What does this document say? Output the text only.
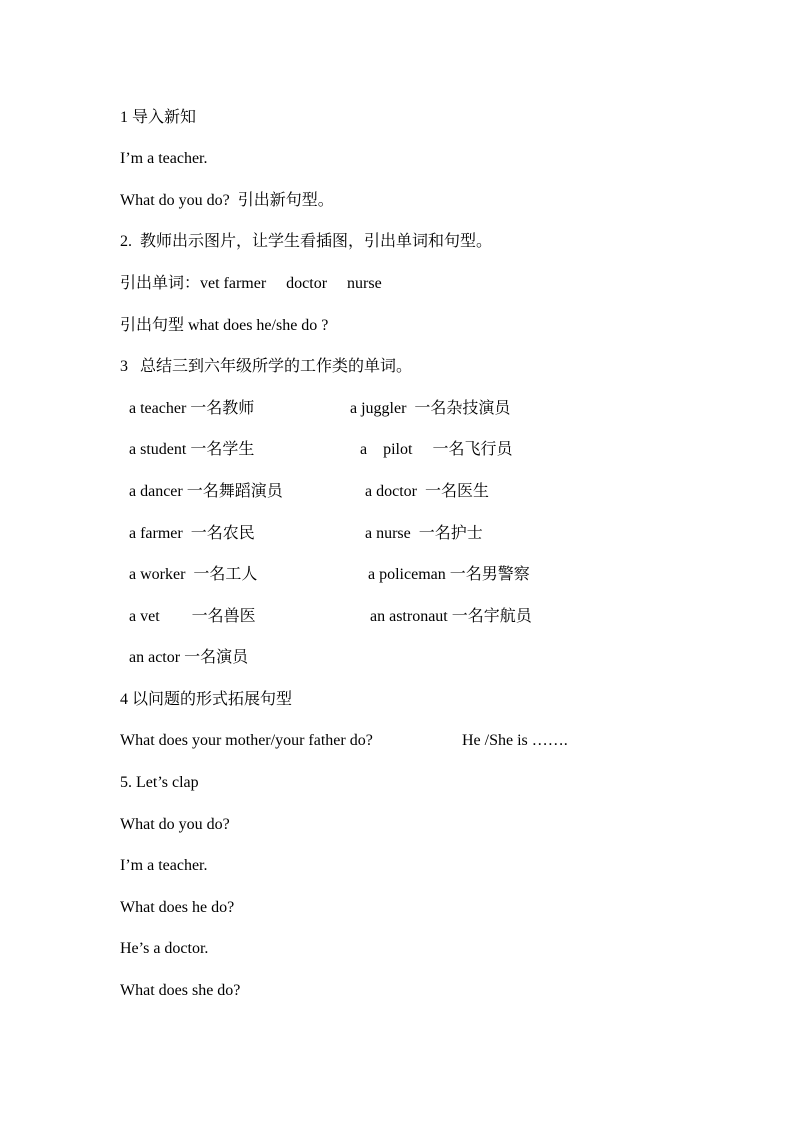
1 导入新知
I’m a teacher.
What do you do?  引出新句型。
2.  教师出示图片，让学生看插图，引出单词和句型。
引出单词：vet farmer     doctor     nurse
引出句型 what does he/she do ?
3   总结三到六年级所学的工作类的单词。
a teacher 一名教师	a juggler  一名杂技演员
a student 一名学生	a    pilot     一名飞行员
a dancer 一名舞蹈演员	a doctor  一名医生
a farmer  一名农民	a nurse  一名护士
a worker  一名工人	a policeman 一名男警察
a vet        一名兽医	an astronaut 一名宇航员
an actor 一名演员
4 以问题的形式拓展句型
What does your mother/your father do?	He /She is …….
5. Let’s clap
What do you do?
I’m a teacher.
What does he do?
He’s a doctor.
What does she do?
